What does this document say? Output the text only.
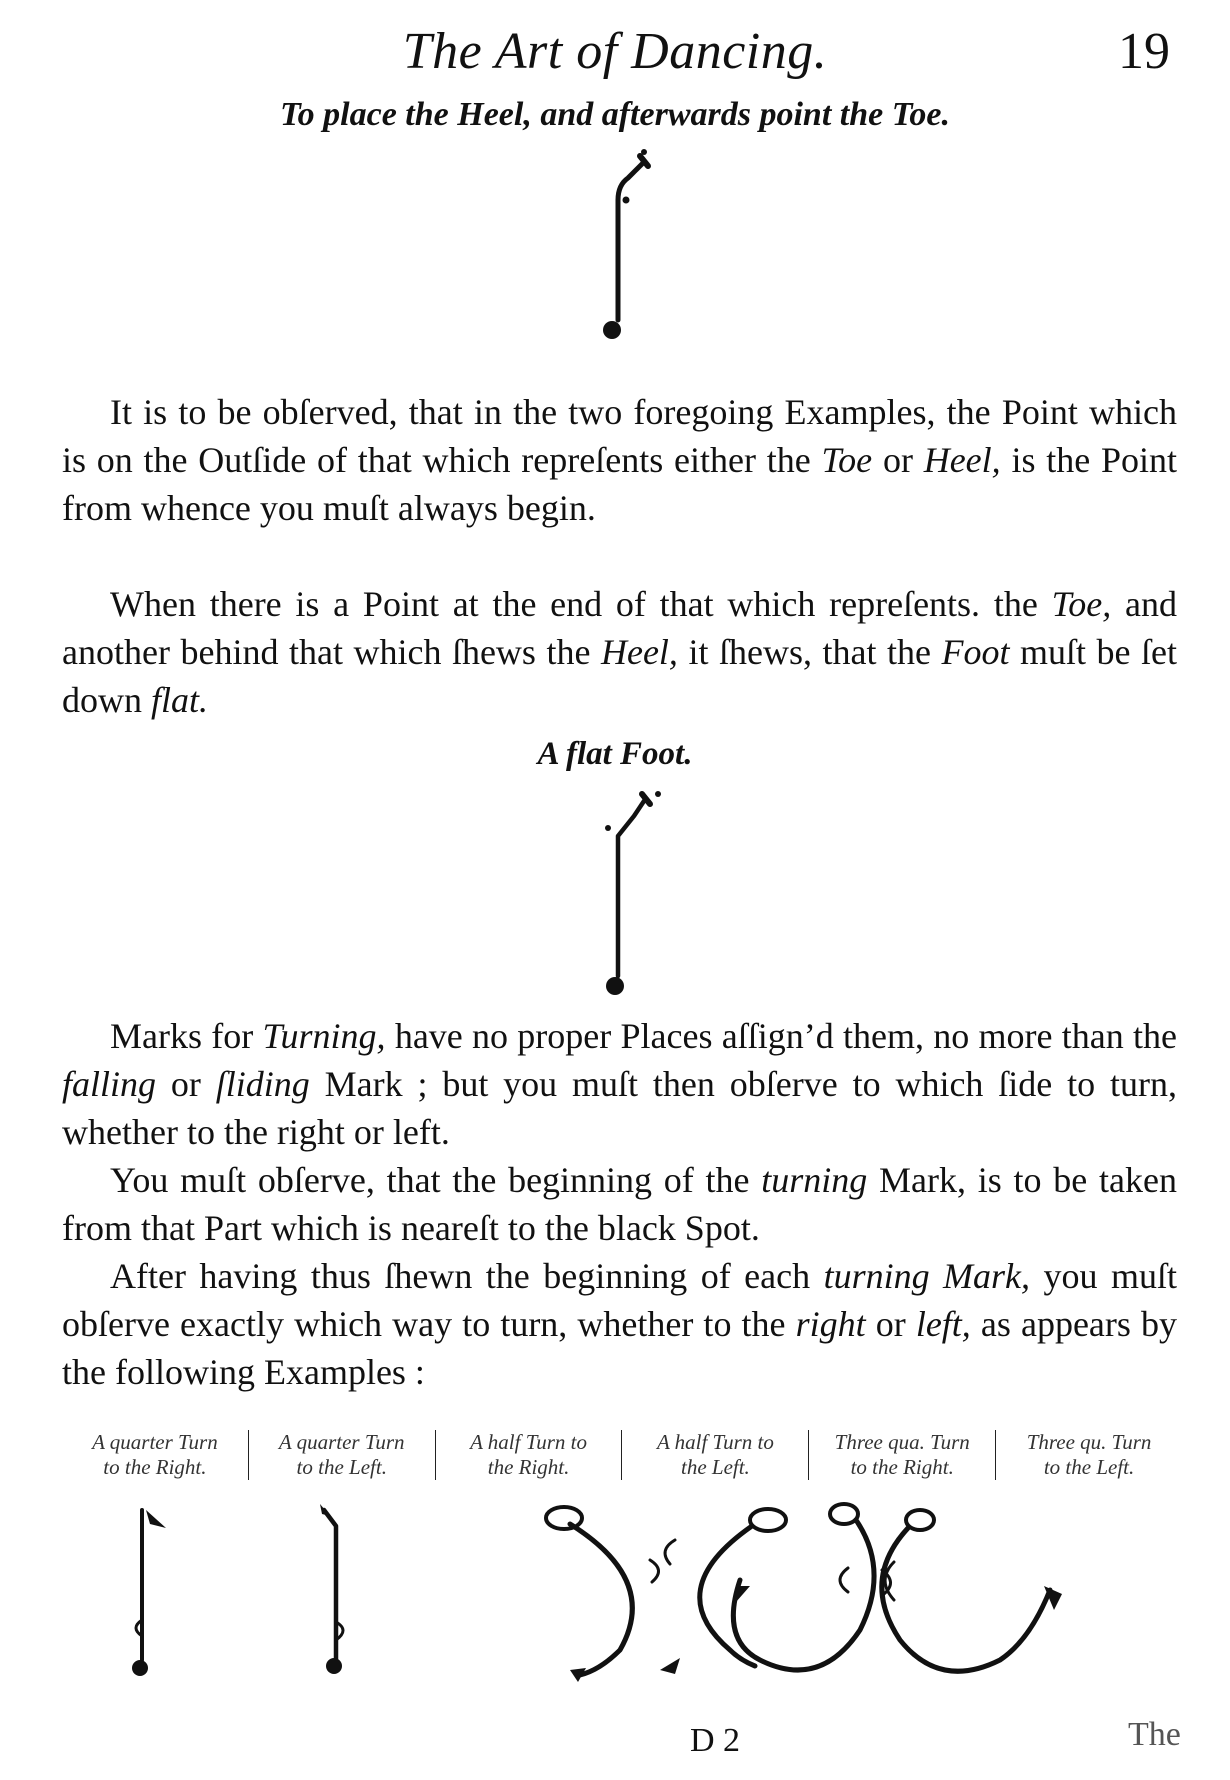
The Art of Dancing.	19
To place the Heel, and afterwards point the Toe.
It is to be obſerved, that in the two foregoing Examples, the Point which is on the Outſide of that which repreſents either the Toe or Heel, is the Point from whence you muſt always begin.
When there is a Point at the end of that which repreſents. the Toe, and another behind that which ſhews the Heel, it ſhews, that the Foot muſt be ſet down flat.
A flat Foot.
Marks for Turning, have no proper Places aſſign’d them, no more than the falling or ſliding Mark ; but you muſt then obſerve to which ſide to turn, whether to the right or left.
You muſt obſerve, that the beginning of the turning Mark, is to be taken from that Part which is neareſt to the black Spot.
After having thus ſhewn the beginning of each turning Mark, you muſt obſerve exactly which way to turn, whether to the right or left, as appears by the following Examples :
A quarter Turn
to the Right.
A quarter Turn
to the Left.
A half Turn to
the Right.
A half Turn to
the Left.
Three qua. Turn
to the Right.
Three qu. Turn
to the Left.
D 2	The
